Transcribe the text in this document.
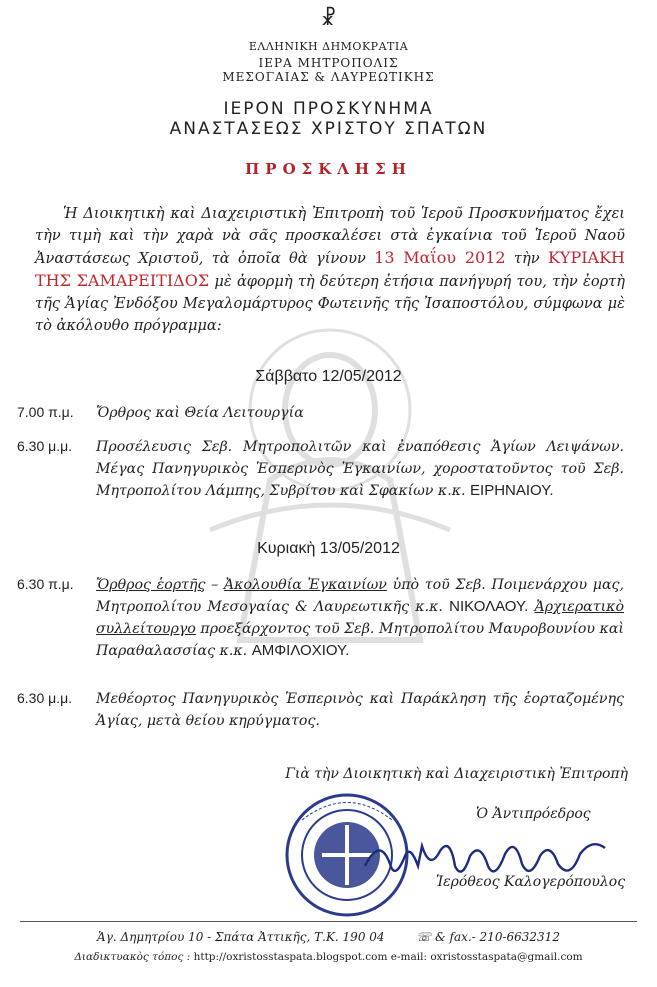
☧
ΕΛΛΗΝΙΚΗ ΔΗΜΟΚΡΑΤΙΑ
ΙΕΡΑ ΜΗΤΡΟΠΟΛΙΣ
ΜΕΣΟΓΑΙΑΣ & ΛΑΥΡΕΩΤΙΚΗΣ
ΙΕΡΟΝ ΠΡΟΣΚΥΝΗΜΑ
ΑΝΑΣΤΑΣΕΩΣ ΧΡΙΣΤΟΥ ΣΠΑΤΩΝ
ΠΡΟΣΚΛΗΣΗ
Ἡ Διοικητικὴ καὶ Διαχειριστικὴ Ἐπιτροπὴ τοῦ Ἱεροῦ Προσκυνήματος ἔχει τὴν τιμὴ καὶ τὴν χαρὰ νὰ σᾶς προσκαλέσει στὰ ἐγκαίνια τοῦ Ἱεροῦ Ναοῦ Ἀναστάσεως Χριστοῦ, τὰ ὁποῖα θὰ γίνουν 13 Μαΐου 2012 τὴν ΚΥΡΙΑΚΗ ΤΗΣ ΣΑΜΑΡΕΙΤΙΔΟΣ μὲ ἀφορμὴ τὴ δεύτερη ἐτήσια πανήγυρή του, τὴν ἑορτὴ τῆς Ἁγίας Ἐνδόξου Μεγαλομάρτυρος Φωτεινῆς τῆς Ἰσαποστόλου, σύμφωνα μὲ τὸ ἀκόλουθο πρόγραμμα:
Σάββατο 12/05/2012
7.00 π.μ.	Ὄρθρος καὶ Θεία Λειτουργία
6.30 μ.μ.	Προσέλευσις Σεβ. Μητροπολιτῶν καὶ ἐναπόθεσις Ἁγίων Λειψάνων. Μέγας Πανηγυρικὸς Ἑσπερινὸς Ἐγκαινίων, χοροστατοῦντος τοῦ Σεβ. Μητροπολίτου Λάμπης, Συβρίτου καὶ Σφακίων κ.κ. ΕΙΡΗΝΑΙΟΥ.
Κυριακὴ 13/05/2012
6.30 π.μ.	Ὄρθρος ἑορτῆς – Ἀκολουθία Ἐγκαινίων ὑπὸ τοῦ Σεβ. Ποιμενάρχου μας, Μητροπολίτου Μεσογαίας & Λαυρεωτικῆς κ.κ. ΝΙΚΟΛΑΟΥ. Ἀρχιερατικὸ συλλείτουργο προεξάρχοντος τοῦ Σεβ. Μητροπολίτου Μαυροβουνίου καὶ Παραθαλασσίας κ.κ. ΑΜΦΙΛΟΧΙΟΥ.
6.30 μ.μ.	Μεθέορτος Πανηγυρικὸς Ἑσπερινὸς καὶ Παράκληση τῆς ἑορταζομένης Ἁγίας, μετὰ θείου κηρύγματος.
Γιὰ τὴν Διοικητικὴ καὶ Διαχειριστικὴ Ἐπιτροπὴ
Ὁ Ἀντιπρόεδρος
Ἱερόθεος Καλογερόπουλος
Ἁγ. Δημητρίου 10 - Σπάτα Ἀττικῆς, Τ.Κ. 190 04	☏ & fax.- 210-6632312
Διαδικτυακὸς τόπος : http://oxristosstaspata.blogspot.com e-mail: oxristosstaspata@gmail.com
